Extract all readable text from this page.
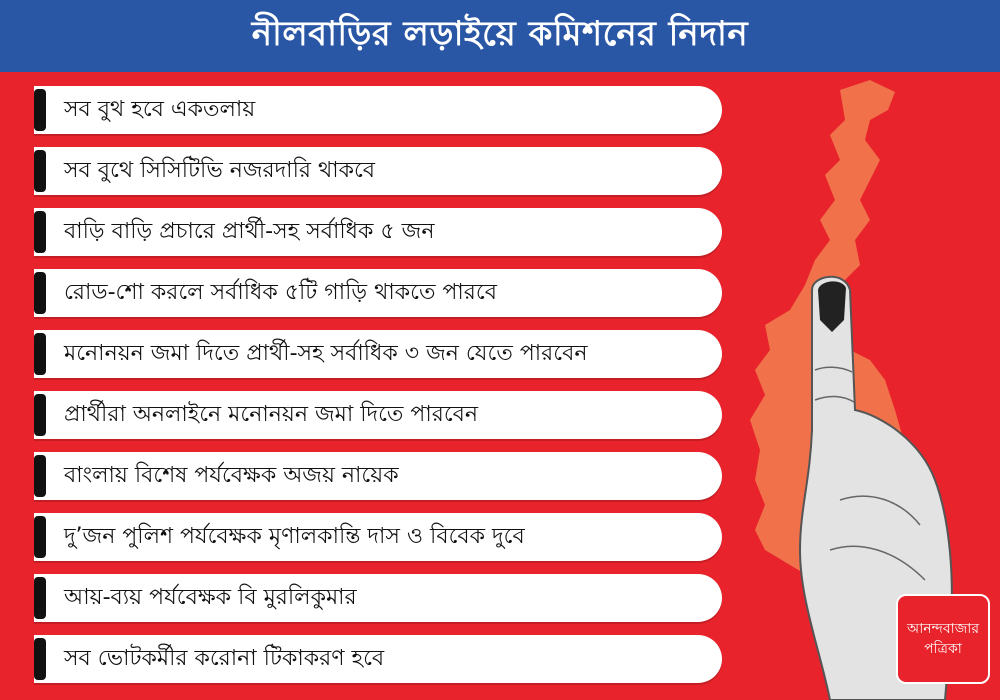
নীলবাড়ির লড়াইয়ে কমিশনের নিদান
সব বুথ হবে একতলায়
সব বুথে সিসিটিভি নজরদারি থাকবে
বাড়ি বাড়ি প্রচারে প্রার্থী-সহ সর্বাধিক ৫ জন
রোড-শো করলে সর্বাধিক ৫টি গাড়ি থাকতে পারবে
মনোনয়ন জমা দিতে প্রার্থী-সহ সর্বাধিক ৩ জন যেতে পারবেন
প্রার্থীরা অনলাইনে মনোনয়ন জমা দিতে পারবেন
বাংলায় বিশেষ পর্যবেক্ষক অজয় নায়েক
দু’জন পুলিশ পর্যবেক্ষক মৃণালকান্তি দাস ও বিবেক দুবে
আয়-ব্যয় পর্যবেক্ষক বি মুরলিকুমার
সব ভোটকর্মীর করোনা টিকাকরণ হবে
আনন্দবাজার
পত্রিকা
